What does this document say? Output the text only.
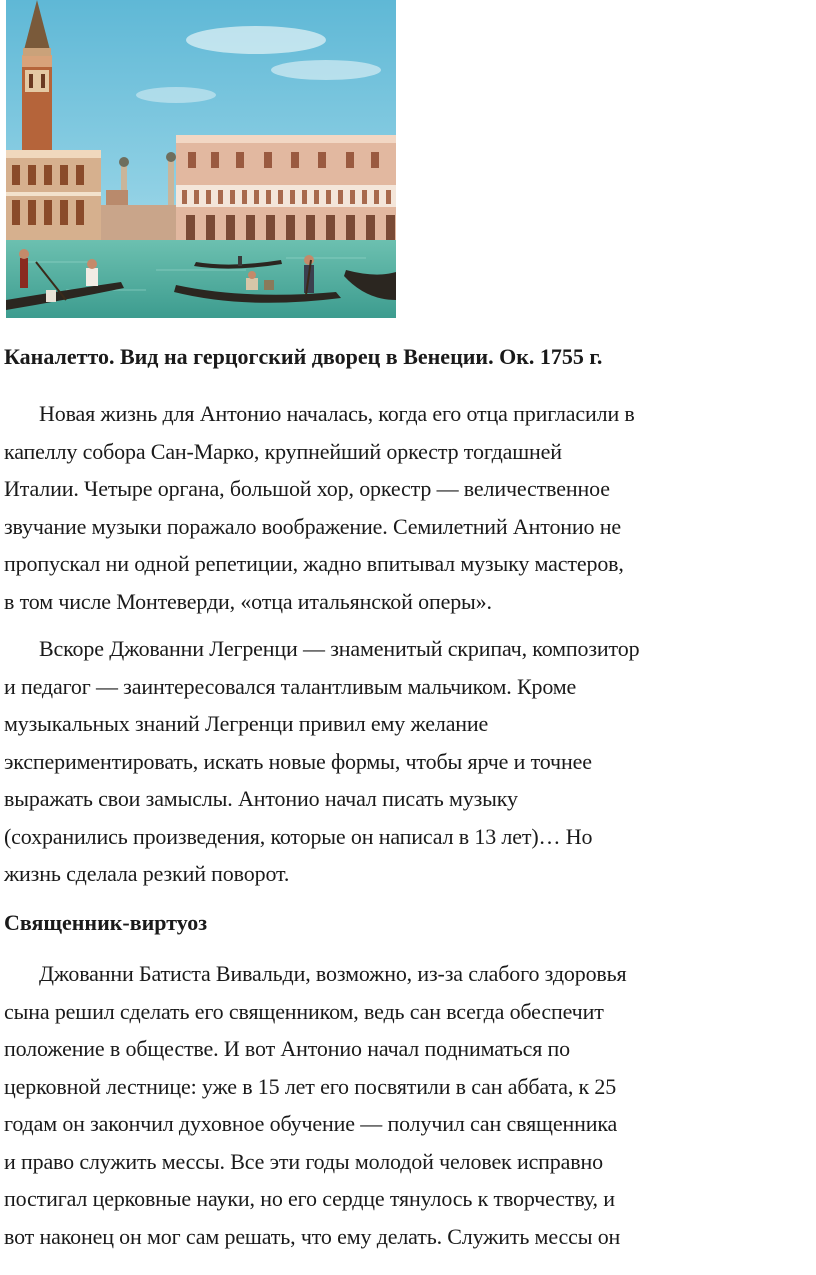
Каналетто. Вид на герцогский дворец в Венеции. Ок. 1755 г.

Новая жизнь для Антонио началась, когда его отца пригласили в
капеллу собора Сан-Марко, крупнейший оркестр тогдашней
Италии. Четыре органа, большой хор, оркестр — величественное
звучание музыки поражало воображение. Семилетний Антонио не
пропускал ни одной репетиции, жадно впитывал музыку мастеров,
в том числе Монтеверди, «отца итальянской оперы».

Вскоре Джованни Легренци — знаменитый скрипач, композитор
и педагог — заинтересовался талантливым мальчиком. Кроме
музыкальных знаний Легренци привил ему желание
экспериментировать, искать новые формы, чтобы ярче и точнее
выражать свои замыслы. Антонио начал писать музыку
(сохранились произведения, которые он написал в 13 лет)… Но
жизнь сделала резкий поворот.

Священник-виртуоз

Джованни Батиста Вивальди, возможно, из-за слабого здоровья
сына решил сделать его священником, ведь сан всегда обеспечит
положение в обществе. И вот Антонио начал подниматься по
церковной лестнице: уже в 15 лет его посвятили в сан аббата, к 25
годам он закончил духовное обучение — получил сан священника
и право служить мессы. Все эти годы молодой человек исправно
постигал церковные науки, но его сердце тянулось к творчеству, и
вот наконец он мог сам решать, что ему делать. Служить мессы он
